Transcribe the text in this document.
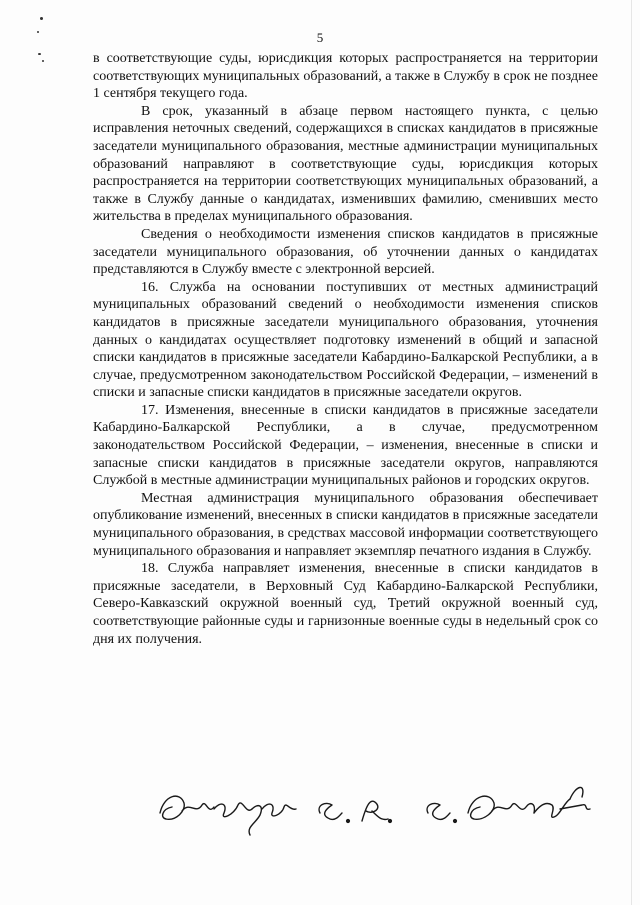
5

в соответствующие суды, юрисдикция которых распространяется на территории соответствующих муниципальных образований, а также в Службу в срок не позднее 1 сентября текущего года.

В срок, указанный в абзаце первом настоящего пункта, с целью исправления неточных сведений, содержащихся в списках кандидатов в присяжные заседатели муниципального образования, местные администрации муниципальных образований направляют в соответствующие суды, юрисдикция которых распространяется на территории соответствующих муниципальных образований, а также в Службу данные о кандидатах, изменивших фамилию, сменивших место жительства в пределах муниципального образования.

Сведения о необходимости изменения списков кандидатов в присяжные заседатели муниципального образования, об уточнении данных о кандидатах представляются в Службу вместе с электронной версией.

16. Служба на основании поступивших от местных администраций муниципальных образований сведений о необходимости изменения списков кандидатов в присяжные заседатели муниципального образования, уточнения данных о кандидатах осуществляет подготовку изменений в общий и запасной списки кандидатов в присяжные заседатели Кабардино-Балкарской Республики, а в случае, предусмотренном законодательством Российской Федерации, – изменений в списки и запасные списки кандидатов в присяжные заседатели округов.

17. Изменения, внесенные в списки кандидатов в присяжные заседатели Кабардино-Балкарской Республики, а в случае, предусмотренном законодательством Российской Федерации, – изменения, внесенные в списки и запасные списки кандидатов в присяжные заседатели округов, направляются Службой в местные администрации муниципальных районов и городских округов.

Местная администрация муниципального образования обеспечивает опубликование изменений, внесенных в списки кандидатов в присяжные заседатели муниципального образования, в средствах массовой информации соответствующего муниципального образования и направляет экземпляр печатного издания в Службу.

18. Служба направляет изменения, внесенные в списки кандидатов в присяжные заседатели, в Верховный Суд Кабардино-Балкарской Республики, Северо-Кавказский окружной военный суд, Третий окружной военный суд, соответствующие районные суды и гарнизонные военные суды в недельный срок со дня их получения.
